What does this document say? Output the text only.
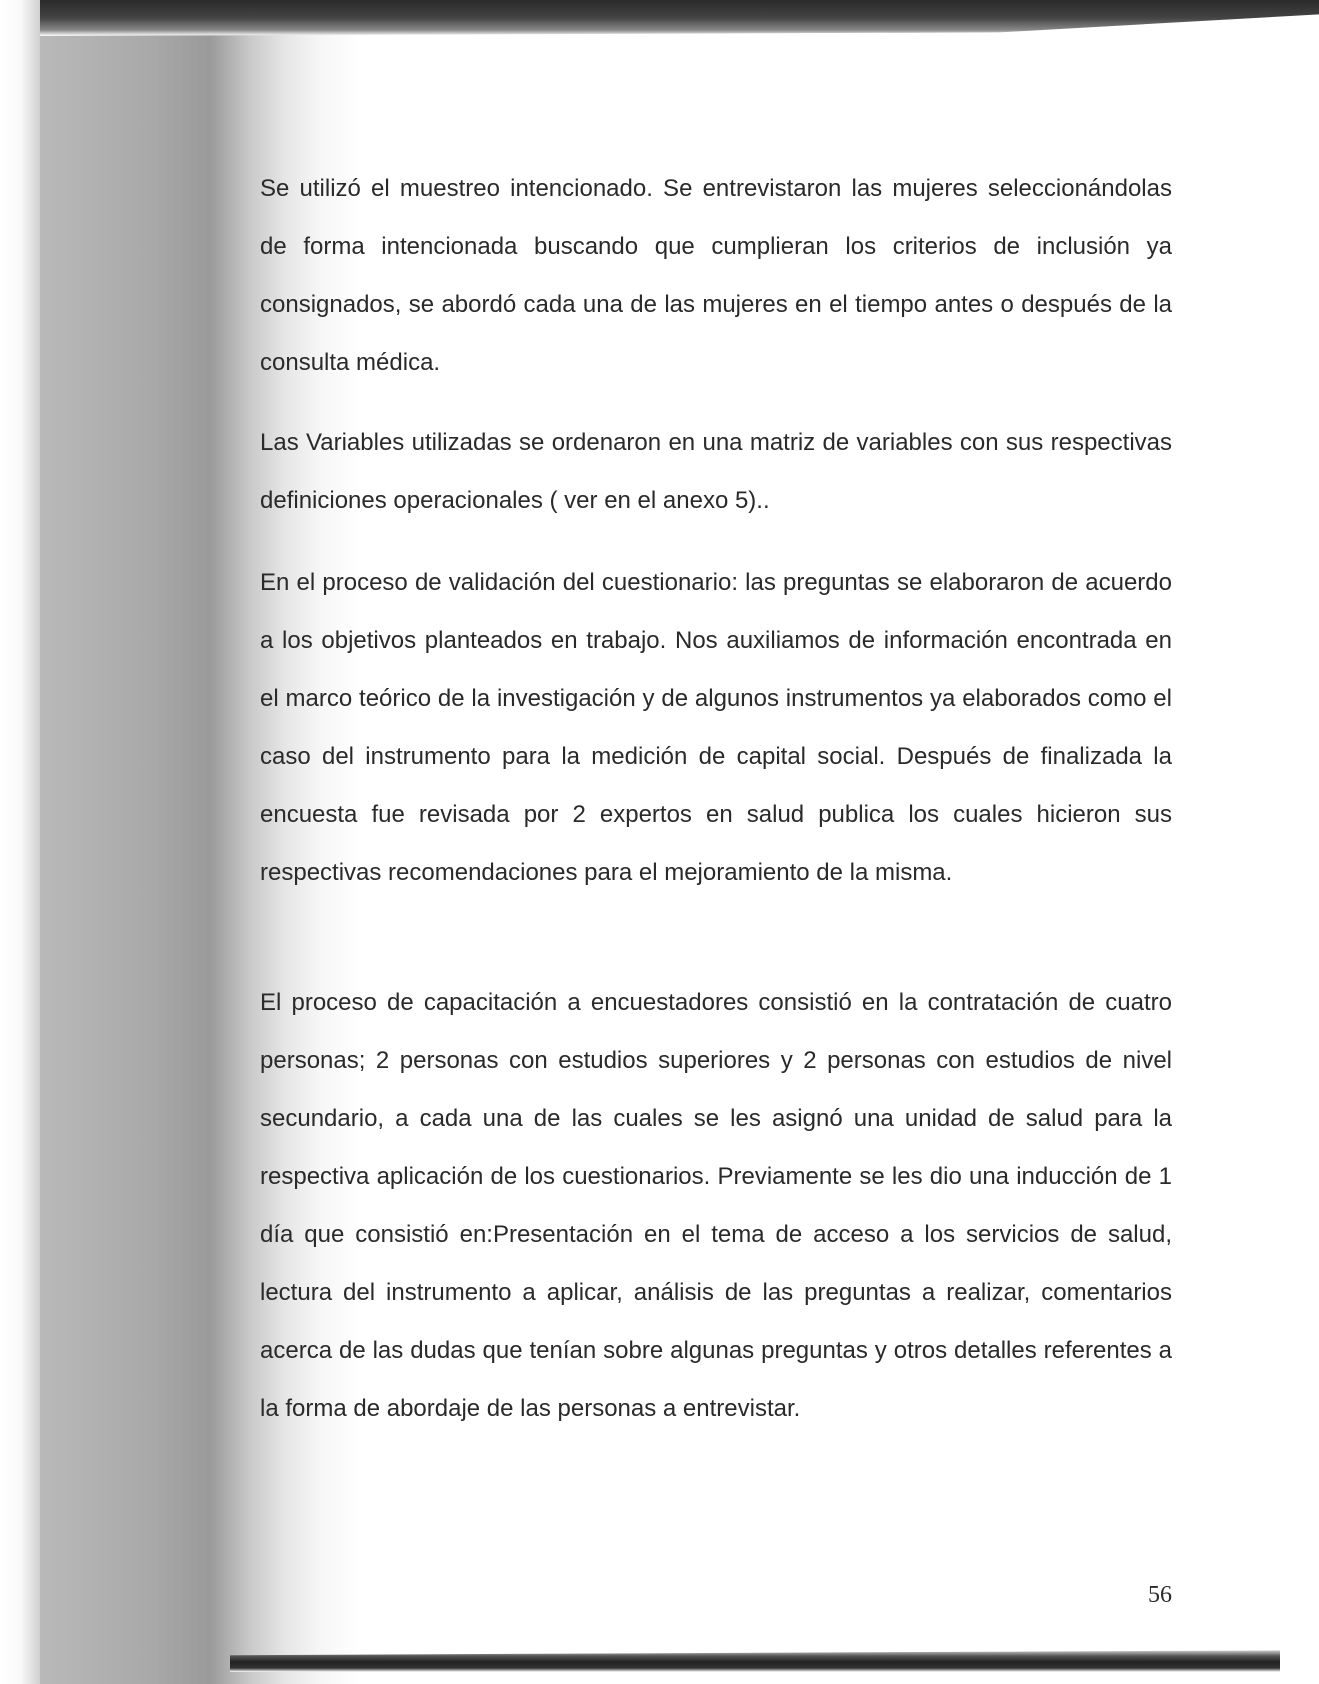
Se utilizó el muestreo intencionado. Se entrevistaron las mujeres seleccionándolas de forma intencionada buscando que cumplieran los criterios de inclusión ya consignados, se abordó cada una de las mujeres en el tiempo antes o después de la consulta médica.

Las Variables utilizadas se ordenaron en una matriz de variables con sus respectivas definiciones operacionales ( ver en el anexo 5)..

En el proceso de validación del cuestionario: las preguntas se elaboraron de acuerdo a los objetivos planteados en trabajo. Nos auxiliamos de información encontrada en el marco teórico de la investigación y de algunos instrumentos ya elaborados como el caso del instrumento para la medición de capital social. Después de finalizada la encuesta fue revisada por 2 expertos en salud publica los cuales hicieron sus respectivas recomendaciones para el mejoramiento de la misma.

El proceso de capacitación a encuestadores consistió en la contratación de cuatro personas; 2 personas con estudios superiores y 2 personas con estudios de nivel secundario, a cada una de las cuales se les asignó una unidad de salud para la respectiva aplicación de los cuestionarios. Previamente se les dio una inducción de 1 día que consistió en:Presentación en el tema de acceso a los servicios de salud, lectura del instrumento a aplicar, análisis de las preguntas a realizar, comentarios acerca de las dudas que tenían sobre algunas preguntas y otros detalles referentes a la forma de abordaje de las personas a entrevistar.

56
